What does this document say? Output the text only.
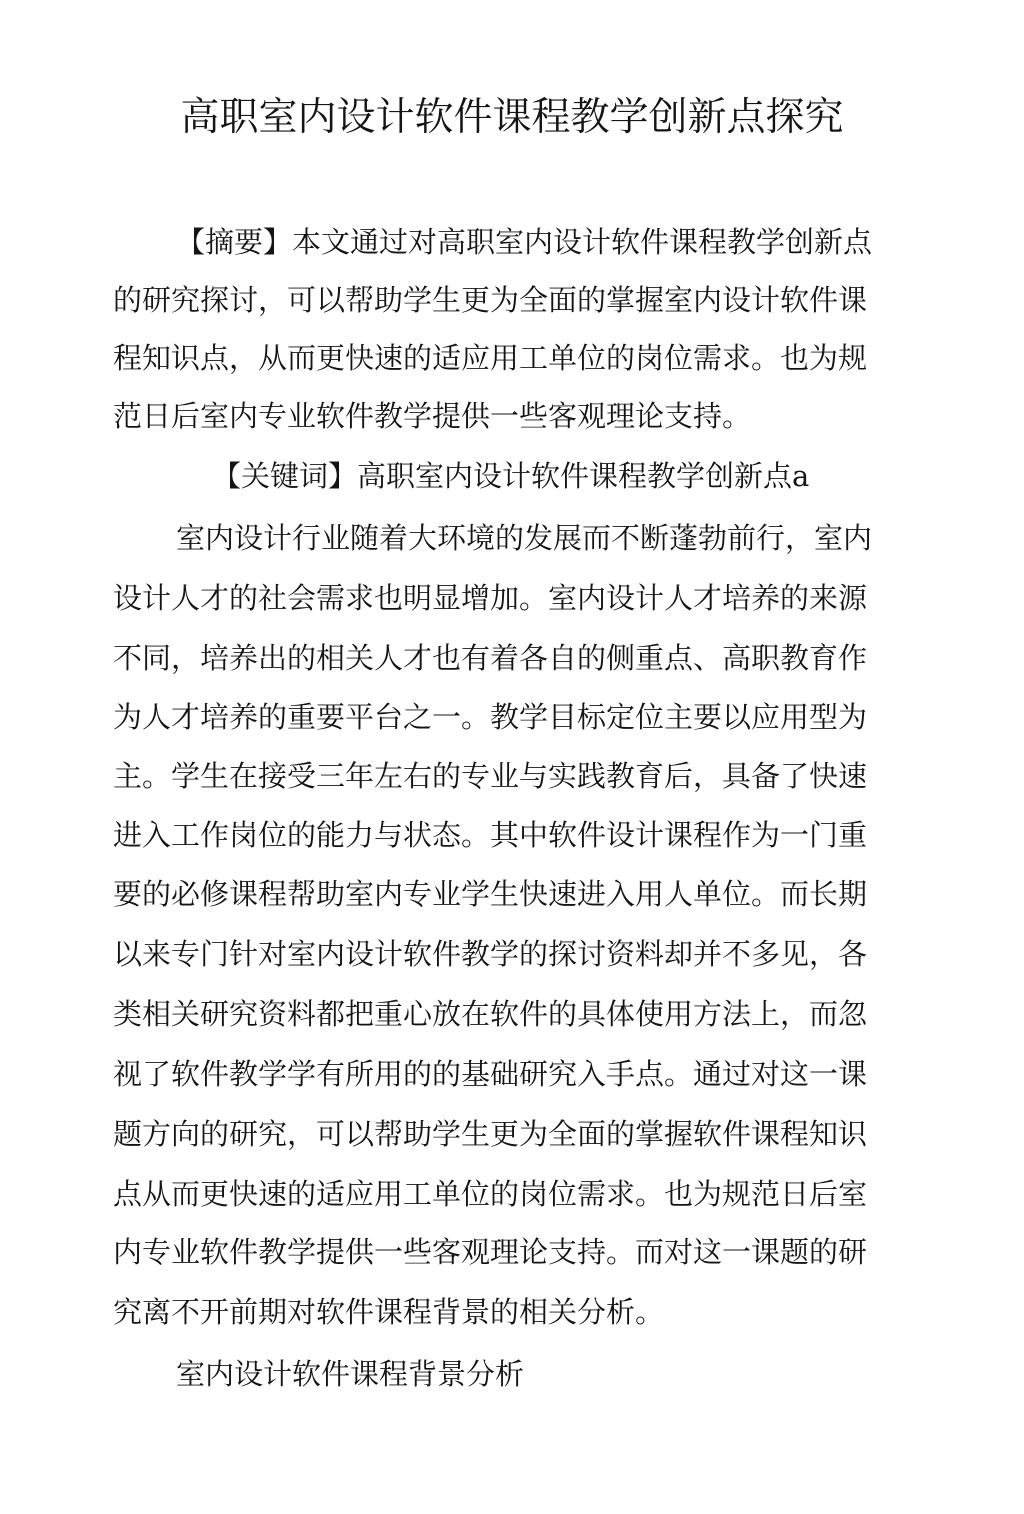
高职室内设计软件课程教学创新点探究

【摘要】本文通过对高职室内设计软件课程教学创新点

的研究探讨，可以帮助学生更为全面的掌握室内设计软件课

程知识点，从而更快速的适应用工单位的岗位需求。也为规

范日后室内专业软件教学提供一些客观理论支持。

【关键词】高职室内设计软件课程教学创新点a

室内设计行业随着大环境的发展而不断蓬勃前行，室内

设计人才的社会需求也明显增加。室内设计人才培养的来源

不同，培养出的相关人才也有着各自的侧重点、高职教育作

为人才培养的重要平台之一。教学目标定位主要以应用型为

主。学生在接受三年左右的专业与实践教育后，具备了快速

进入工作岗位的能力与状态。其中软件设计课程作为一门重

要的必修课程帮助室内专业学生快速进入用人单位。而长期

以来专门针对室内设计软件教学的探讨资料却并不多见，各

类相关研究资料都把重心放在软件的具体使用方法上，而忽

视了软件教学学有所用的的基础研究入手点。通过对这一课

题方向的研究，可以帮助学生更为全面的掌握软件课程知识

点从而更快速的适应用工单位的岗位需求。也为规范日后室

内专业软件教学提供一些客观理论支持。而对这一课题的研

究离不开前期对软件课程背景的相关分析。

室内设计软件课程背景分析
